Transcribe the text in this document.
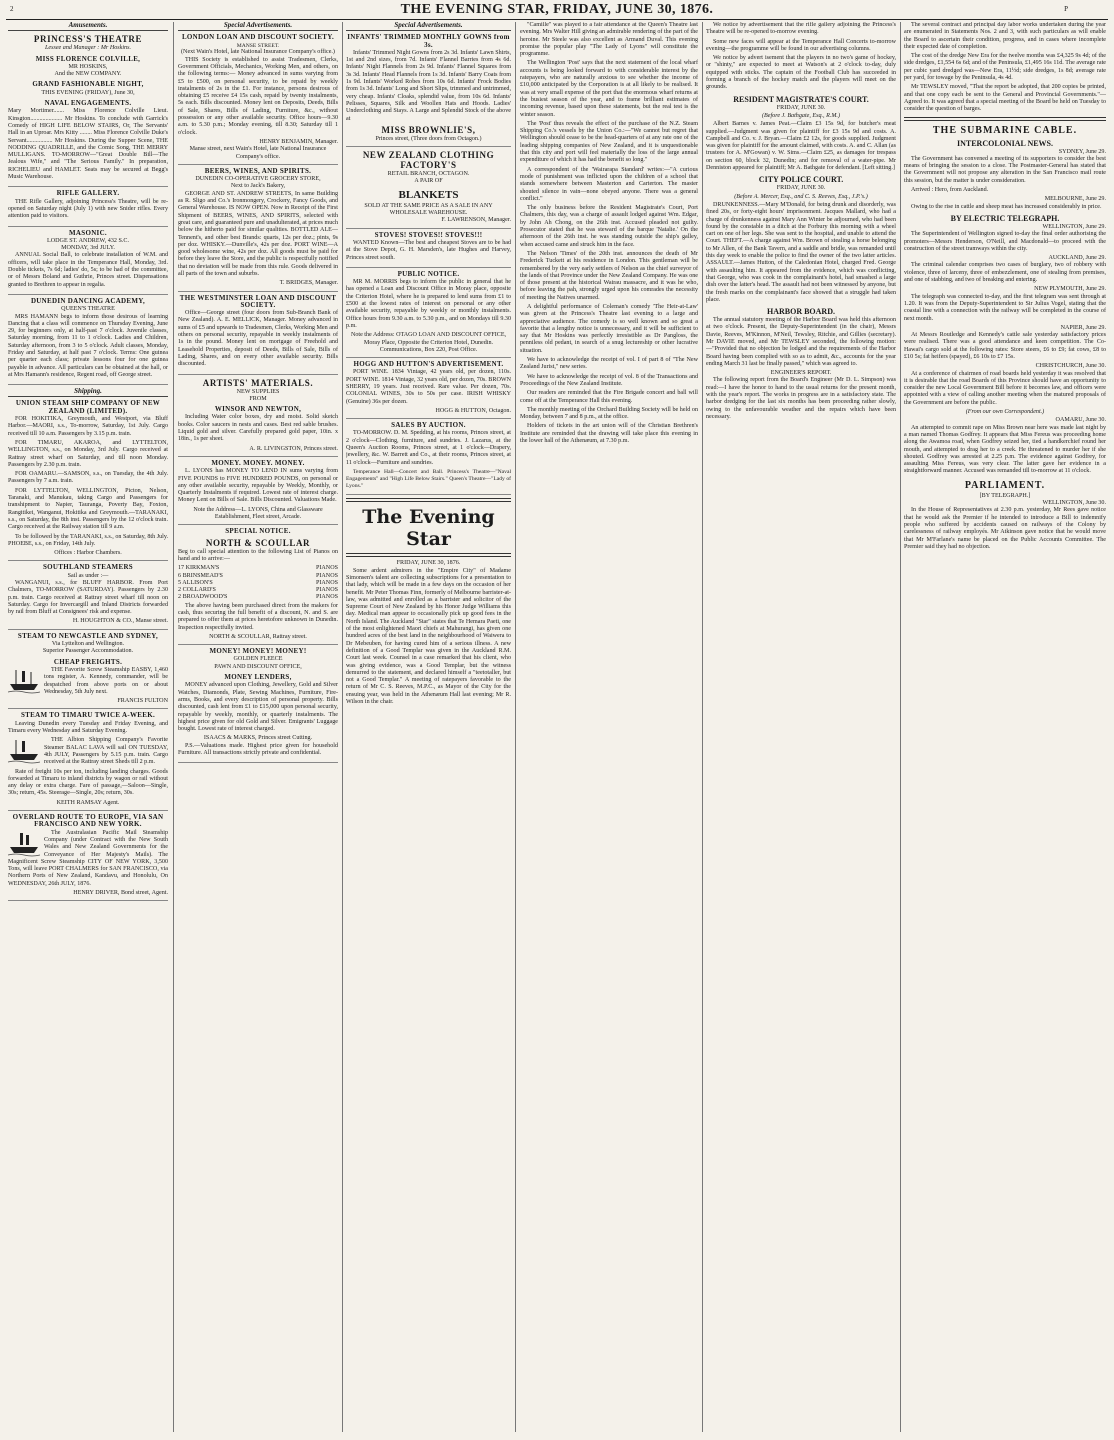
2	THE EVENING STAR, FRIDAY, JUNE 30, 1876.	P
Amusements.
PRINCESS'S THEATRE
Lessee and Manager : Mr Hoskins.
MISS FLORENCE COLVILLE,
MR HOSKINS,
And the NEW COMPANY.
GRAND FASHIONABLE NIGHT,
THIS EVENING (FRIDAY), June 30,
NAVAL ENGAGEMENTS.

Mary Mortimer....... Miss Florence Colville Lieut. Kinsgton..................... Mr Hoskins. To conclude with Garrick's Comedy of HIGH LIFE BELOW STAIRS, Or, The Servants' Hall in an Uproar. Mrs Kitty ........ Miss Florence Colville Duke's Servant................. Mr Hoskins. During the Supper Scene, THE NODDING QUADRILLE, and the Comic Song, THE MERRY MULLIGANS. TO-MORROW—"Great Double Bill—The Jealous Wife," and "The Serious Family." In preparation, RICHELIEU and HAMLET. Seats may be secured at Begg's Music Warehouse.

RIFLE GALLERY.

THE Rifle Gallery, adjoining Princess's Theatre, will be re-opened on Saturday night (July 1) with new Snider rifles. Every attention paid to visitors.

MASONIC.
LODGE ST. ANDREW, 432 S.C.
MONDAY, 3rd JULY.

ANNUAL Social Ball, to celebrate installation of W.M. and officers, will take place in the Temperance Hall, Monday, 3rd. Double tickets, 7s 6d; ladies' do, 5s; to be had of the committee, or of Messrs Boland and Guthrie, Princes street. Dispensations granted to Brethren to appear in regalia.

DUNEDIN DANCING ACADEMY,
QUEEN'S THEATRE

MRS HAMANN begs to inform those desirous of learning Dancing that a class will commence on Thursday Evening, June 29, for beginners only, at half-past 7 o'clock. Juvenile classes, Saturday morning, from 11 to 1 o'clock. Ladies and Children, Saturday afternoon, from 3 to 5 o'clock. Adult classes, Monday, Friday and Saturday, at half past 7 o'clock. Terms: One guinea per quarter each class; private lessons four for one guinea payable in advance. All particulars can be obtained at the hall, or at Mrs Hamann's residence, Regent road, off George street.

Shipping.
UNION STEAM SHIP COMPANY OF NEW ZEALAND (LIMITED).

FOR HOKITIKA, Greymouth, and Westport, via Bluff Harbor.—MAORI, s.s., To-morrow, Saturday, 1st July. Cargo received till 10 a.m. Passengers by 3.15 p.m. train.

FOR TIMARU, AKAROA, and LYTTELTON, WELLINGTON, s.s., on Monday, 3rd July. Cargo received at Rattray street wharf on Saturday, and till noon Monday. Passengers by 2.30 p.m. train.

FOR OAMARU.—SAMSON, s.s., on Tuesday, the 4th July. Passengers by 7 a.m. train.

FOR LYTTELTON, WELLINGTON, Picton, Nelson, Taranaki, and Manukau, taking Cargo and Passengers for transhipment to Napier, Tauranga, Poverty Bay, Foxton, Rangitikei, Wanganui, Hokitika and Greymouth.—TARANAKI, s.s., on Saturday, the 8th inst. Passengers by the 12 o'clock train. Cargo received at the Railway station till 9 a.m.

To be followed by the TARANAKI, s.s., on Saturday, 8th July. PHOEBE, s.s., on Friday, 14th July.

Offices : Harbor Chambers.
SOUTHLAND STEAMERS
Sail as under :—

WANGANUI, s.s., for BLUFF HARBOR. From Port Chalmers, TO-MORROW (SATURDAY). Passengers by 2.30 p.m. train. Cargo received at Rattray street wharf till noon on Saturday. Cargo for Invercargill and Inland Districts forwarded by rail from Bluff at Consignees' risk and expense.

H. HOUGHTON & CO., Manse street.
STEAM TO NEWCASTLE AND SYDNEY,
Via Lyttelton and Wellington.
Superior Passenger Accommodation.
CHEAP FREIGHTS.

THE Favorite Screw Steamship EASBY, 1,460 tons register, A. Kennedy, commander, will be despatched from above ports on or about Wednesday, 5th July next.

FRANCIS FULTON
STEAM TO TIMARU TWICE A-WEEK.

Leaving Dunedin every Tuesday and Friday Evening, and Timaru every Wednesday and Saturday Evening.

THE Albion Shipping Company's Favorite Steamer BALAC LAVA will sail ON TUESDAY, 4th JULY, Passengers by 5.15 p.m. train. Cargo received at the Rattray street Sheds till 2 p.m.

Rate of freight 10s per ton, including landing charges. Goods forwarded at Timaru to inland districts by wagon or rail without any delay or extra charge. Fare of passage,—Saloon—Single, 30s; return, 45s. Steerage—Single, 20s; return, 30s.

KEITH RAMSAY Agent.
OVERLAND ROUTE TO EUROPE, VIA SAN FRANCISCO AND NEW YORK.

The Australasian Pacific Mail Steamship Company (under Contract with the New South Wales and New Zealand Governments for the Conveyance of Her Majesty's Mails). The Magnificent Screw Steamship CITY OF NEW YORK, 3,500 Tons, will leave PORT CHALMERS for SAN FRANCISCO, via Northern Ports of New Zealand, Kandavu, and Honolulu, On WEDNESDAY, 26th JULY, 1876.

HENRY DRIVER, Bond street, Agent.
Special Advertisements.
LONDON LOAN AND DISCOUNT SOCIETY.
MANSE STREET.
(Next Wain's Hotel, late National Insurance Company's office.)

THIS Society is established to assist Tradesmen, Clerks, Government Officials, Mechanics, Working Men, and others, on the following terms:— Money advanced in sums varying from £5 to £500, on personal security, to be repaid by weekly instalments of 2s in the £1. For instance, persons desirous of obtaining £5 receive £4 15s cash, repaid by twenty instalments, 5s each. Bills discounted. Money lent on Deposits, Deeds, Bills of Sale, Shares, Bills of Lading, Furniture, &c., without possession or any other available security. Office hours—9.30 a.m. to 5.30 p.m.; Monday evening, till 8.30; Saturday till 1 o'clock.

HENRY BENJAMIN, Manager.
Manse street, next Wain's Hotel, late National Insurance Company's office.
BEERS, WINES, AND SPIRITS.
DUNEDIN CO-OPERATIVE GROCERY STORE,
Next to Jack's Bakery,

GEORGE AND ST. ANDREW STREETS, In same Building as R. Sligo and Co.'s Ironmongery, Crockery, Fancy Goods, and General Warehouse. IS NOW OPEN. Now in Receipt of the First Shipment of BEERS, WINES, AND SPIRITS, selected with great care, and guaranteed pure and unadulterated, at prices much below the hitherto paid for similar qualities. BOTTLED ALE—Tennent's, and other best Brands: quarts, 12s per doz.; pints, 9s per doz. WHISKY.—Dunville's, 42s per doz. PORT WINE—A good wholesome wine, 42s per doz. All goods must be paid for before they leave the Store, and the public is respectfully notified that no deviation will be made from this rule. Goods delivered in all parts of the town and suburbs.

T. BRIDGES, Manager.
THE WESTMINSTER LOAN AND DISCOUNT SOCIETY.

Office—George street (four doors from Sub-Branch Bank of New Zealand). A. E. MELLICK, Manager. Money advanced in sums of £5 and upwards to Tradesmen, Clerks, Working Men and others on personal security, repayable in weekly instalments of 1s in the pound. Money lent on mortgage of Freehold and Leasehold Properties, deposit of Deeds, Bills of Sale, Bills of Lading, Shares, and on every other available security. Bills discounted.

ARTISTS' MATERIALS.
NEW SUPPLIES
FROM
WINSOR AND NEWTON,

Including Water color boxes, dry and moist. Solid sketch books. Color saucers in nests and cases. Best red sable brushes. Liquid gold and silver. Carefully prepared gold paper, 10in. x 18in., 1s per sheet.

A. R. LIVINGSTON, Princes street.
MONEY. MONEY. MONEY.

L. LYONS has MONEY TO LEND IN sums varying from FIVE POUNDS to FIVE HUNDRED POUNDS, on personal or any other available security, repayable by Weekly, Monthly, or Quarterly Instalments if required. Lowest rate of interest charge. Money Lent on Bills of Sale. Bills Discounted. Valuations Made.

Note the Address—L. LYONS, China and Glassware Establishment, Fleet street, Arcade.
SPECIAL NOTICE.
NORTH & SCOULLAR

Beg to call special attention to the following List of Pianos on hand and to arrive:—

17 KIRKMAN'S	PIANOS
6 BRINSMEAD'S	PIANOS
5 ALLISON'S	PIANOS
2 COLLARD'S	PIANOS
2 BROADWOOD'S	PIANOS

The above having been purchased direct from the makers for cash, thus securing the full benefit of a discount, N. and S. are prepared to offer them at prices heretofore unknown in Dunedin. Inspection respectfully invited.

NORTH & SCOULLAR, Rattray street.
MONEY! MONEY! MONEY!
GOLDEN FLEECE
PAWN AND DISCOUNT OFFICE,
MONEY LENDERS,

MONEY advanced upon Clothing, Jewellery, Gold and Silver Watches, Diamonds, Plate, Sewing Machines, Furniture, Fire-arms, Books, and every description of personal property. Bills discounted, cash lent from £1 to £15,000 upon personal security, repayable by weekly, monthly, or quarterly instalments. The highest price given for old Gold and Silver. Emigrants' Luggage bought. Lowest rate of interest charged.

ISAACS & MARKS, Princes street Cutting.

P.S.—Valuations made. Highest price given for household Furniture. All transactions strictly private and confidential.

Special Advertisements.
INFANTS' TRIMMED MONTHLY GOWNS from 3s.

Infants' Trimmed Night Gowns from 2s 3d. Infants' Lawn Shirts, 1st and 2nd sizes, from 7d. Infants' Flannel Barries from 4s 6d. Infants' Night Flannels from 2s 9d. Infants' Flannel Squares from 3s 3d. Infants' Head Flannels from 1s 3d. Infants' Barry Coats from 1s 9d. Infants' Worked Robes from 10s 6d. Infants' Frock Bodies from 1s 3d. Infants' Long and Short Slips, trimmed and untrimmed, very cheap. Infants' Cloaks, splendid value, from 10s 6d. Infants' Pelisses, Squares, Silk and Woollen Hats and Hoods. Ladies' Underclothing and Stays. A Large and Splendid Stock of the above at

MISS BROWNLIE'S,
Princes street, (Three doors from Octagon.)
NEW ZEALAND CLOTHING FACTORY'S
RETAIL BRANCH, OCTAGON.
A PAIR OF
BLANKETS
SOLD AT THE SAME PRICE AS A SALE IN ANY WHOLESALE WAREHOUSE.
F. LAWRENSON, Manager.
STOVES! STOVES!! STOVES!!!

WANTED Known—The best and cheapest Stoves are to be had at the Stove Depot, G. H. Marsden's, late Hughes and Harvey, Princes street south.

PUBLIC NOTICE.

MR M. MORRIS begs to inform the public in general that he has opened a Loan and Discount Office in Moray place, opposite the Criterion Hotel, where he is prepared to lend sums from £1 to £500 at the lowest rates of interest on personal or any other available security, repayable by weekly or monthly instalments. Office hours from 9.30 a.m. to 5.30 p.m., and on Mondays till 9.30 p.m.

Note the Address: OTAGO LOAN AND DISCOUNT OFFICE, Moray Place, Opposite the Criterion Hotel, Dunedin.
Communications, Box 220, Post Office.
HOGG AND HUTTON'S ADVERTISEMENT.

PORT WINE. 1834 Vintage, 42 years old, per dozen, 110s. PORT WINE. 1814 Vintage, 32 years old, per dozen, 70s. BROWN SHERRY, 19 years. Just received. Rare value. Per dozen, 70s. COLONIAL WINES, 30s to 50s per case. IRISH WHISKY (Genuine) 36s per dozen.

HOGG & HUTTON, Octagon.
SALES BY AUCTION.

TO-MORROW. D. M. Spedding, at his rooms, Princes street, at 2 o'clock—Clothing, furniture, and sundries. J. Lazarus, at the Queen's Auction Rooms, Princes street, at 1 o'clock—Drapery, jewellery, &c. W. Barrett and Co., at their rooms, Princes street, at 11 o'clock—Furniture and sundries.

Temperance Hall—Concert and Ball. Princess's Theatre—"Naval Engagements" and "High Life Below Stairs." Queen's Theatre—"Lady of Lyons."

The Evening Star
FRIDAY, JUNE 30, 1876.

Some ardent admirers in the "Empire City" of Madame Simonsen's talent are collecting subscriptions for a presentation to that lady, which will be made in a few days on the occasion of her benefit. Mr Peter Thomas Finn, formerly of Melbourne barrister-at-law, was admitted and enrolled as a barrister and solicitor of the Supreme Court of New Zealand by his Honor Judge Williams this day. Medical man appear to occasionally pick up good fees in the North Island. The Auckland "Star" states that Te Hemara Paeti, one of the most enlightened Maori chiefs at Mahurangi, has given one hundred acres of the best land in the neighbourhood of Waiwera to Dr Mebeuben, for having cured him of a serious illness. A new definition of a Good Templar was given in the Auckland R.M. Court last week. Counsel in a case remarked that his client, who was giving evidence, was a Good Templar, but the witness demurred to the statement, and declared himself a "teetotaller, but not a Good Templar." A meeting of ratepayers favorable to the return of Mr C. S. Reeves, M.P.C., as Mayor of the City for the ensuing year, was held in the Athenæum Hall last evening; Mr R. Wilson in the chair.

"Camille" was played to a fair attendance at the Queen's Theatre last evening. Mrs Walter Hill giving an admirable rendering of the part of the heroine. Mr Steele was also excellent as Armand Duval. This evening promise the popular play "The Lady of Lyons" will constitute the programme.

The Wellington 'Post' says that the next statement of the local wharf accounts is being looked forward to with considerable interest by the ratepayers, who are naturally anxious to see whether the income of £10,000 anticipated by the Corporation is at all likely to be realised. It was at very small expense of the port that the enormous wharf returns at the busiest season of the year, and to frame brilliant estimates of incoming revenue, based upon these statements, but the real test is the winter season.

The 'Post' thus reveals the effect of the purchase of the N.Z. Steam Shipping Co.'s vessels by the Union Co.:—"We cannot but regret that Wellington should cease to be the head-quarters of at any rate one of the leading shipping companies of New Zealand, and it is unquestionable that this city and port will feel materially the loss of the large annual expenditure of which it has had the benefit so long."

A correspondent of the 'Wairarapa Standard' writes:—"A curious mode of punishment was inflicted upon the children of a school that stands somewhere between Masterton and Carterton. The master shouted silence in vain—none obeyed anyone. There was a general conflict."

The only business before the Resident Magistrate's Court, Port Chalmers, this day, was a charge of assault lodged against Wm. Edgar, by John Ah Chong, on the 26th inst. Accused pleaded not guilty. Prosecutor stated that he was steward of the barque 'Natalie.' On the afternoon of the 26th inst. he was standing outside the ship's galley, when accused came and struck him in the face.

The Nelson 'Times' of the 20th inst. announces the death of Mr Frederick Tuckett at his residence in London. This gentleman will be remembered by the very early settlers of Nelson as the chief surveyor of the lands of that Province under the New Zealand Company. He was one of those present at the historical Wairau massacre, and it was he who, before leaving the pah, strongly urged upon his comrades the necessity of meeting the Natives unarmed.

A delightful performance of Coleman's comedy 'The Heir-at-Law' was given at the Princess's Theatre last evening to a large and appreciative audience. The comedy is so well known and so great a favorite that a lengthy notice is unnecessary, and it will be sufficient to say that Mr Hoskins was perfectly irresistible as Dr Pangloss, the penniless old pedant, in search of a snug lectureship or other lucrative situation.

We have to acknowledge the receipt of vol. I of part 8 of "The New Zealand Jurist," new series.

We have to acknowledge the receipt of vol. 8 of the Transactions and Proceedings of the New Zealand Institute.

Our readers are reminded that the Fire Brigade concert and ball will come off at the Temperance Hall this evening.

The monthly meeting of the Orchard Building Society will be held on Monday, between 7 and 8 p.m., at the office.

Holders of tickets in the art union will of the Christian Brethren's Institute are reminded that the drawing will take place this evening in the lower hall of the Athenæum, at 7.30 p.m.

We notice by advertisement that the rifle gallery adjoining the Princess's Theatre will be re-opened to-morrow evening.

Some new faces will appear at the Temperance Hall Concerts to-morrow evening—the programme will be found in our advertising columns.

We notice by advert isement that the players in no two's game of hockey, or "shinty," are expected to meet at Watson's at 2 o'clock to-day, duly equipped with sticks. The captain of the Football Club has succeeded in forming a branch of the hockey match and the players will meet on the grounds.

RESIDENT MAGISTRATE'S COURT.
FRIDAY, JUNE 30.
(Before J. Bathgate, Esq., R.M.)

Albert Barnes v. James Peat.—Claim £3 15s 9d, for butcher's meat supplied.—Judgment was given for plaintiff for £3 15s 9d and costs. A. Campbell and Co. v. J. Bryan.—Claim £2 12s, for goods supplied. Judgment was given for plaintiff for the amount claimed, with costs. A. and C. Allan (as trustees for A. M'Gowan) v. W. Sims.—Claim £25, as damages for trespass on section 60, block 32, Dunedin; and for removal of a water-pipe. Mr Denniston appeared for plaintiff; Mr A. Bathgate for defendant. [Left sitting.]

CITY POLICE COURT.
FRIDAY, JUNE 30.
(Before A. Mercer, Esq., and C. S. Reeves, Esq., J.P.'s.)

DRUNKENNESS.—Mary M'Donald, for being drunk and disorderly, was fined 20s, or forty-eight hours' imprisonment. Jacques Mallard, who had a charge of drunkenness against Mary Ann Winter be adjourned, who had been found by the constable in a ditch at the Forbury this morning with a wheel cart on one of her legs. She was sent to the hospital, and unable to attend the Court. THEFT.—A charge against Wm. Brown of stealing a horse belonging to Mr Allen, of the Bank Tavern, and a saddle and bridle, was remanded until this day week to enable the police to find the owner of the two latter articles. ASSAULT.—James Hutton, of the Caledonian Hotel, charged Fred. George with assaulting him. It appeared from the evidence, which was conflicting, that George, who was cook in the complainant's hotel, had smashed a large dish over the latter's head. The assault had not been witnessed by anyone, but the fresh marks on the complainant's face showed that a struggle had taken place.

HARBOR BOARD.

The annual statutory meeting of the Harbor Board was held this afternoon at two o'clock. Present, the Deputy-Superintendent (in the chair), Messrs Davie, Reeves, M'Kinnon, M'Neil, Tewsley, Ritchie, and Gillies (secretary). Mr DAVIE moved, and Mr TEWSLEY seconded, the following motion:—"Provided that no objection be lodged and the requirements of the Harbor Board having been complied with so as to admit, &c., accounts for the year ending March 31 last be finally passed," which was agreed to.

ENGINEER'S REPORT.

The following report from the Board's Engineer (Mr D. L. Simpson) was read:—I have the honor to hand to the usual returns for the present month, with the year's report. The works in progress are in a satisfactory state. The harbor dredging for the last six months has been proceeding rather slowly, owing to the unfavourable weather and the repairs which have been necessary.

The several contract and principal day labor works undertaken during the year are enumerated in Statements Nos. 2 and 3, with such particulars as will enable the Board to ascertain their condition, progress, and in cases where incomplete their expected date of completion.

The cost of the dredge New Era for the twelve months was £4,325 9s 4d; of the side dredges, £1,554 6s 6d; and of the Peninsula, £1,495 16s 11d. The average rate per cubic yard dredged was—New Era, 11½d; side dredges, 1s 8d; average rate per yard, for towage by the Peninsula, 4s 4d.

Mr TEWSLEY moved, "That the report be adopted, that 200 copies be printed, and that one copy each be sent to the General and Provincial Governments."—Agreed to. It was agreed that a special meeting of the Board be held on Tuesday to consider the question of barges.

THE SUBMARINE CABLE.
INTERCOLONIAL NEWS.
SYDNEY, June 29.

The Government has convened a meeting of its supporters to consider the best means of bringing the session to a close. The Postmaster-General has stated that the Government will not propose any alteration in the San Francisco mail route this session, but the matter is under consideration.

Arrived : Hero, from Auckland.

MELBOURNE, June 29.

Owing to the rise in cattle and sheep meat has increased considerably in price.

BY ELECTRIC TELEGRAPH.
WELLINGTON, June 29.

The Superintendent of Wellington signed to-day the final order authorising the promoters—Messrs Henderson, O'Neill, and Macdonald—to proceed with the construction of the street tramways within the city.

AUCKLAND, June 29.

The criminal calendar comprises two cases of burglary, two of robbery with violence, three of larceny, three of embezzlement, one of stealing from premises, and one of stabbing, and two of breaking and entering.

NEW PLYMOUTH, June 29.

The telegraph was connected to-day, and the first telegram was sent through at 1.20. It was from the Deputy-Superintendent to Sir Julius Vogel, stating that the coastal line with a connection with the railway will be completed in the course of next month.

NAPIER, June 29.

At Messrs Routledge and Kennedy's cattle sale yesterday satisfactory prices were realised. There was a good attendance and keen competition. The Co-Hawai's cargo sold at the following rates: Store steers, £6 to £9; fat cows, £8 to £10 5s; fat heifers (spayed), £6 10s to £7 15s.

CHRISTCHURCH, June 30.

At a conference of chairmen of road boards held yesterday it was resolved that it is desirable that the road Boards of this Province should have an opportunity to consider the new Local Government Bill before it becomes law, and officers were appointed with a view of calling another meeting when the matured proposals of the Government are before the public.

(From our own Correspondent.)
OAMARU, June 30.

An attempted to commit rape on Miss Brown near here was made last night by a man named Thomas Godfrey. It appears that Miss Fereus was proceeding home along the Awamoa road, when Godfrey seized her, tied a handkerchief round her mouth, and attempted to drag her to a creek. He threatened to murder her if she shouted. Godfrey was arrested at 2.25 p.m. The evidence against Godfrey, for assaulting Miss Fereus, was very clear. The latter gave her evidence in a straightforward manner. Accused was remanded till to-morrow at 11 o'clock.

PARLIAMENT.
[BY TELEGRAPH.]
WELLINGTON, June 30.

In the House of Representatives at 2.30 p.m. yesterday, Mr Rees gave notice that he would ask the Premier if he intended to introduce a Bill to indemnify people who suffered by accidents caused on railways of the Colony by carelessness of railway employés. Mr Atkinson gave notice that he would move that Mr M'Farlane's name be placed on the Public Accounts Committee. The Premier said they had no objection.
